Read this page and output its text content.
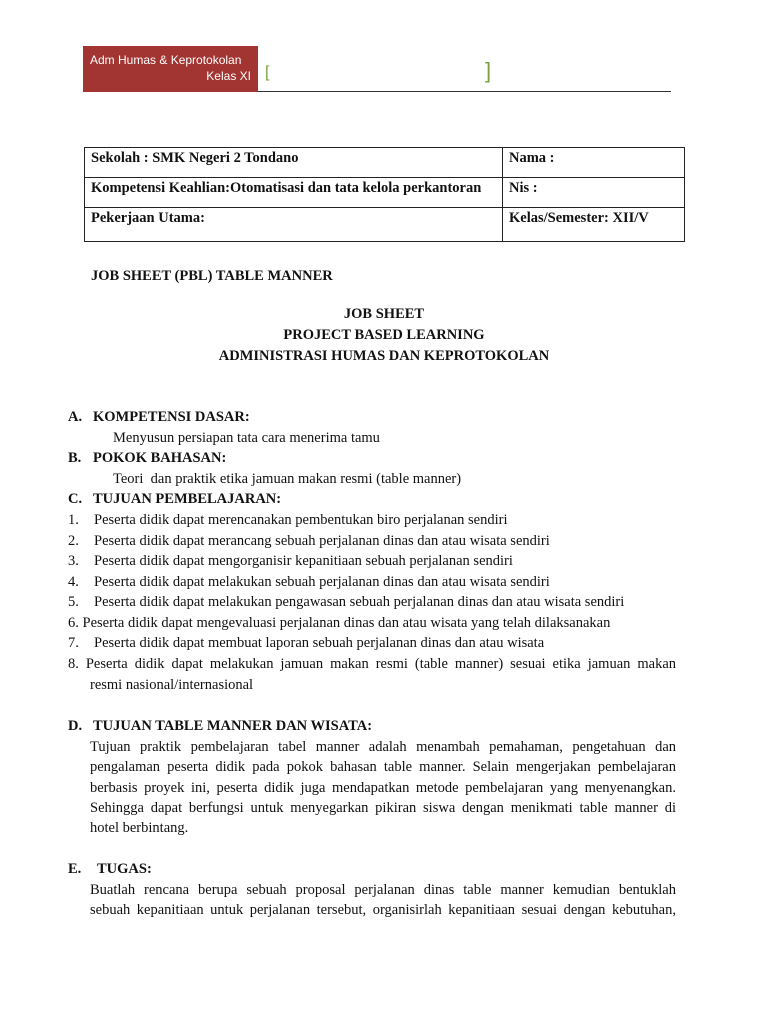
Adm Humas & Keprotokolan
Kelas XI [	]
Sekolah : SMK Negeri 2 Tondano	Nama :
Kompetensi Keahlian:Otomatisasi dan tata kelola perkantoran	Nis :
Pekerjaan Utama:	Kelas/Semester: XII/V
JOB SHEET (PBL) TABLE MANNER
JOB SHEET
PROJECT BASED LEARNING
ADMINISTRASI HUMAS DAN KEPROTOKOLAN
A. KOMPETENSI DASAR:
Menyusun persiapan tata cara menerima tamu
B. POKOK BAHASAN:
Teori  dan praktik etika jamuan makan resmi (table manner)
C. TUJUAN PEMBELAJARAN:
1. Peserta didik dapat merencanakan pembentukan biro perjalanan sendiri
2. Peserta didik dapat merancang sebuah perjalanan dinas dan atau wisata sendiri
3. Peserta didik dapat mengorganisir kepanitiaan sebuah perjalanan sendiri
4. Peserta didik dapat melakukan sebuah perjalanan dinas dan atau wisata sendiri
5. Peserta didik dapat melakukan pengawasan sebuah perjalanan dinas dan atau wisata sendiri
6. Peserta didik dapat mengevaluasi perjalanan dinas dan atau wisata yang telah dilaksanakan
7. Peserta didik dapat membuat laporan sebuah perjalanan dinas dan atau wisata
8. Peserta didik dapat melakukan jamuan makan resmi (table manner) sesuai etika jamuan makan
resmi nasional/internasional
D. TUJUAN TABLE MANNER DAN WISATA:
Tujuan praktik pembelajaran tabel manner adalah menambah pemahaman, pengetahuan dan
pengalaman peserta didik pada pokok bahasan table manner. Selain mengerjakan pembelajaran
berbasis proyek ini, peserta didik juga mendapatkan metode pembelajaran yang menyenangkan.
Sehingga dapat berfungsi untuk menyegarkan pikiran siswa dengan menikmati table manner di
hotel berbintang.
E. TUGAS:
Buatlah rencana berupa sebuah proposal perjalanan dinas table manner kemudian bentuklah
sebuah kepanitiaan untuk perjalanan tersebut, organisirlah kepanitiaan sesuai dengan kebutuhan,
